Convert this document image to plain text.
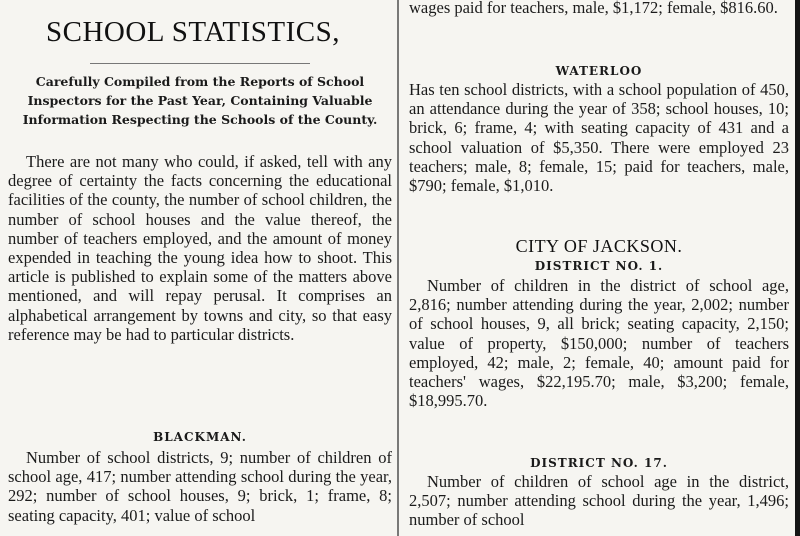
SCHOOL STATISTICS,
Carefully Compiled from the Reports of School Inspectors for the Past Year, Containing Valuable Information Respecting the Schools of the County.
There are not many who could, if asked, tell with any degree of certainty the facts concerning the educational facilities of the county, the number of school children, the number of school houses and the value thereof, the number of teachers employed, and the amount of money expended in teaching the young idea how to shoot. This article is published to explain some of the matters above mentioned, and will repay perusal. It comprises an alphabetical arrangement by towns and city, so that easy reference may be had to particular districts.
BLACKMAN.
Number of school districts, 9; number of children of school age, 417; number attending school during the year, 292; number of school houses, 9; brick, 1; frame, 8; seating capacity, 401; value of school
wages paid for teachers, male, $1,172; female, $816.60.
WATERLOO
Has ten school districts, with a school population of 450, an attendance during the year of 358; school houses, 10; brick, 6; frame, 4; with seating capacity of 431 and a school valuation of $5,350. There were employed 23 teachers; male, 8; female, 15; paid for teachers, male, $790; female, $1,010.
CITY OF JACKSON.
DISTRICT NO. 1.
Number of children in the district of school age, 2,816; number attending during the year, 2,002; number of school houses, 9, all brick; seating capacity, 2,150; value of property, $150,000; number of teachers employed, 42; male, 2; female, 40; amount paid for teachers' wages, $22,195.70; male, $3,200; female, $18,995.70.
DISTRICT NO. 17.
Number of children of school age in the district, 2,507; number attending school during the year, 1,496; number of school
